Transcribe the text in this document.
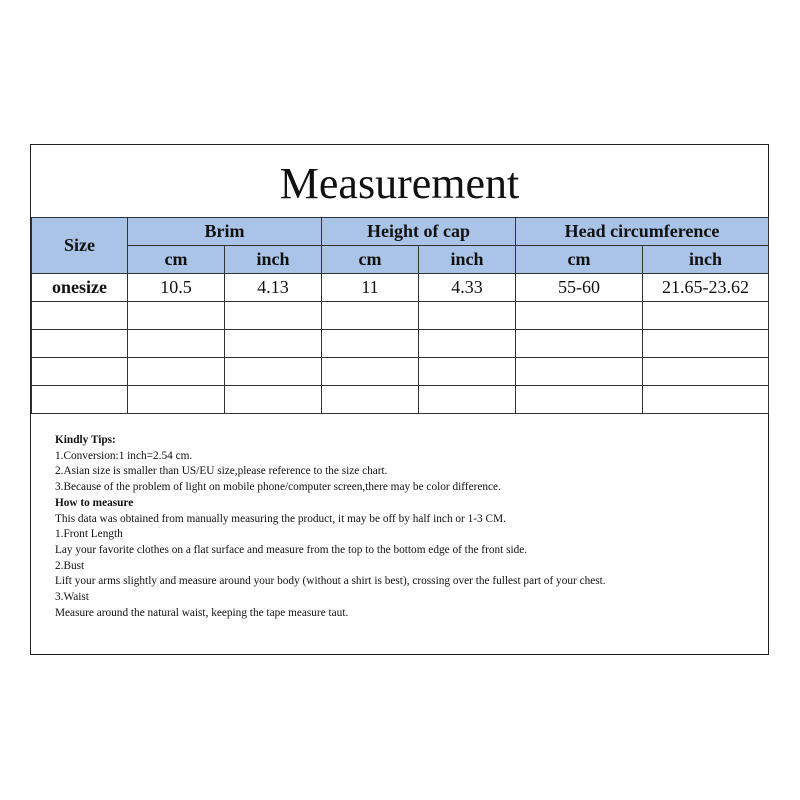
Measurement
Size	Brim		Height of cap		Head circumference	
	cm	inch	cm	inch	cm	inch
onesize	10.5	4.13	11	4.33	55-60	21.65-23.62

Kindly Tips:
1.Conversion:1 inch=2.54 cm.
2.Asian size is smaller than US/EU size,please reference to the size chart.
3.Because of the problem of light on mobile phone/computer screen,there may be color difference.
How to measure
This data was obtained from manually measuring the product, it may be off by half inch or 1-3 CM.
1.Front Length
Lay your favorite clothes on a flat surface and measure from the top to the bottom edge of the front side.
2.Bust
Lift your arms slightly and measure around your body (without a shirt is best), crossing over the fullest part of your chest.
3.Waist
Measure around the natural waist, keeping the tape measure taut.
